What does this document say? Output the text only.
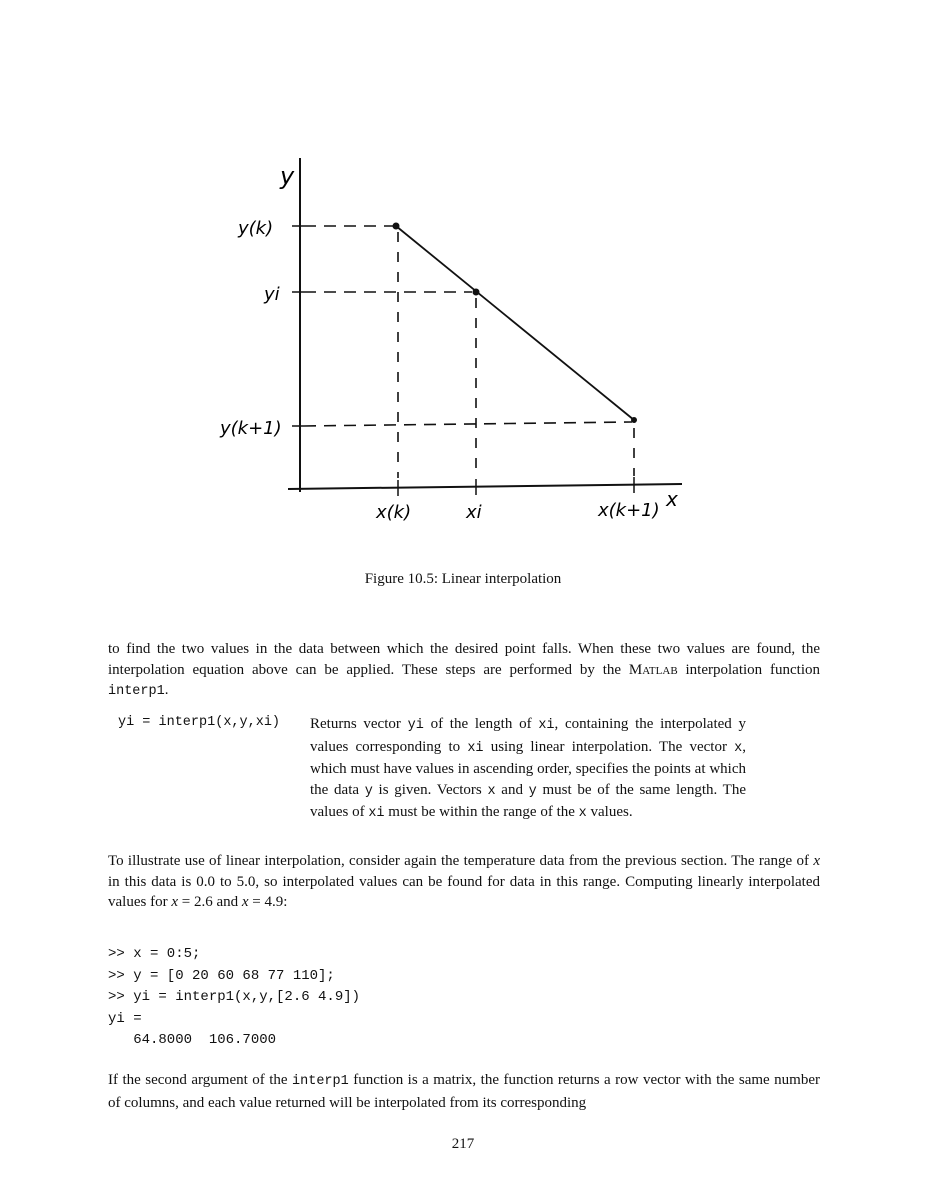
y
y(k)
yi
y(k+1)
x(k)	xi	x(k+1) x
Figure 10.5: Linear interpolation
to find the two values in the data between which the desired point falls. When these two values are found, the interpolation equation above can be applied. These steps are performed by the Matlab interpolation function interp1.
yi = interp1(x,y,xi) Returns vector yi of the length of xi, containing the interpolated y values corresponding to xi using linear interpolation. The vector x, which must have values in ascending order, specifies the points at which the data y is given. Vectors x and y must be of the same length. The values of xi must be within the range of the x values.
To illustrate use of linear interpolation, consider again the temperature data from the previous section. The range of x in this data is 0.0 to 5.0, so interpolated values can be found for data in this range. Computing linearly interpolated values for x = 2.6 and x = 4.9:
>> x = 0:5;
>> y = [0 20 60 68 77 110];
>> yi = interp1(x,y,[2.6 4.9])
yi =
64.8000  106.7000
If the second argument of the interp1 function is a matrix, the function returns a row vector with the same number of columns, and each value returned will be interpolated from its corresponding
217
